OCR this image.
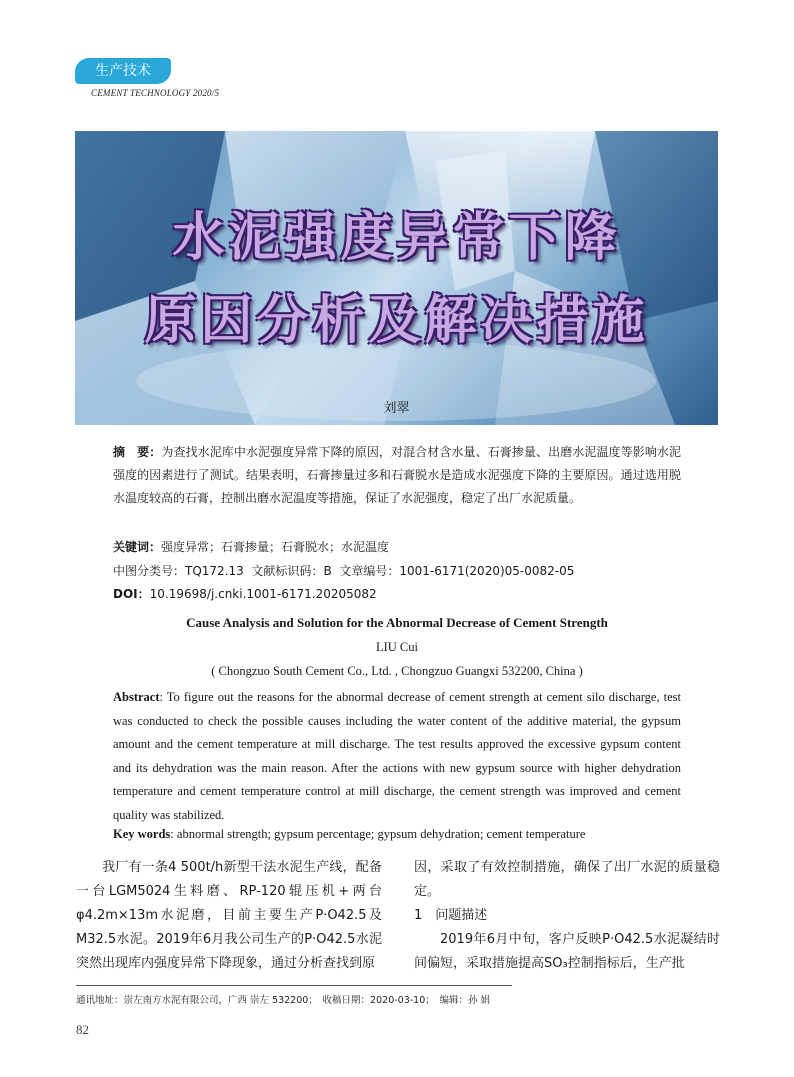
生产技术
CEMENT TECHNOLOGY 2020/5
水泥强度异常下降
原因分析及解决措施
刘翠
摘　要：为查找水泥库中水泥强度异常下降的原因，对混合材含水量、石膏掺量、出磨水泥温度等影响水泥强度的因素进行了测试。结果表明，石膏掺量过多和石膏脱水是造成水泥强度下降的主要原因。通过选用脱水温度较高的石膏，控制出磨水泥温度等措施，保证了水泥强度，稳定了出厂水泥质量。
关键词：强度异常；石膏掺量；石膏脱水；水泥温度
中图分类号：TQ172.13 文献标识码：B 文章编号：1001-6171(2020)05-0082-05
DOI：10.19698/j.cnki.1001-6171.20205082
Cause Analysis and Solution for the Abnormal Decrease of Cement Strength
LIU Cui
( Chongzuo South Cement Co., Ltd. , Chongzuo Guangxi 532200, China )
Abstract: To figure out the reasons for the abnormal decrease of cement strength at cement silo discharge, test was conducted to check the possible causes including the water content of the additive material, the gypsum amount and the cement temperature at mill discharge. The test results approved the excessive gypsum content and its dehydration was the main reason. After the actions with new gypsum source with higher dehydration temperature and cement temperature control at mill discharge, the cement strength was improved and cement quality was stabilized.
Key words: abnormal strength; gypsum percentage; gypsum dehydration; cement temperature

我厂有一条4 500t/h新型干法水泥生产线，配备一台LGM5024生料磨、RP-120辊压机+两台φ4.2m×13m水泥磨，目前主要生产P·O42.5及M32.5水泥。2019年6月我公司生产的P·O42.5水泥突然出现库内强度异常下降现象，通过分析查找到原

因，采取了有效控制措施，确保了出厂水泥的质量稳定。

1　问题描述

2019年6月中旬，客户反映P·O42.5水泥凝结时间偏短，采取措施提高SO₃控制指标后，生产批

通讯地址：崇左南方水泥有限公司，广西 崇左 532200；　收稿日期：2020-03-10；　编辑：孙 娟
82
